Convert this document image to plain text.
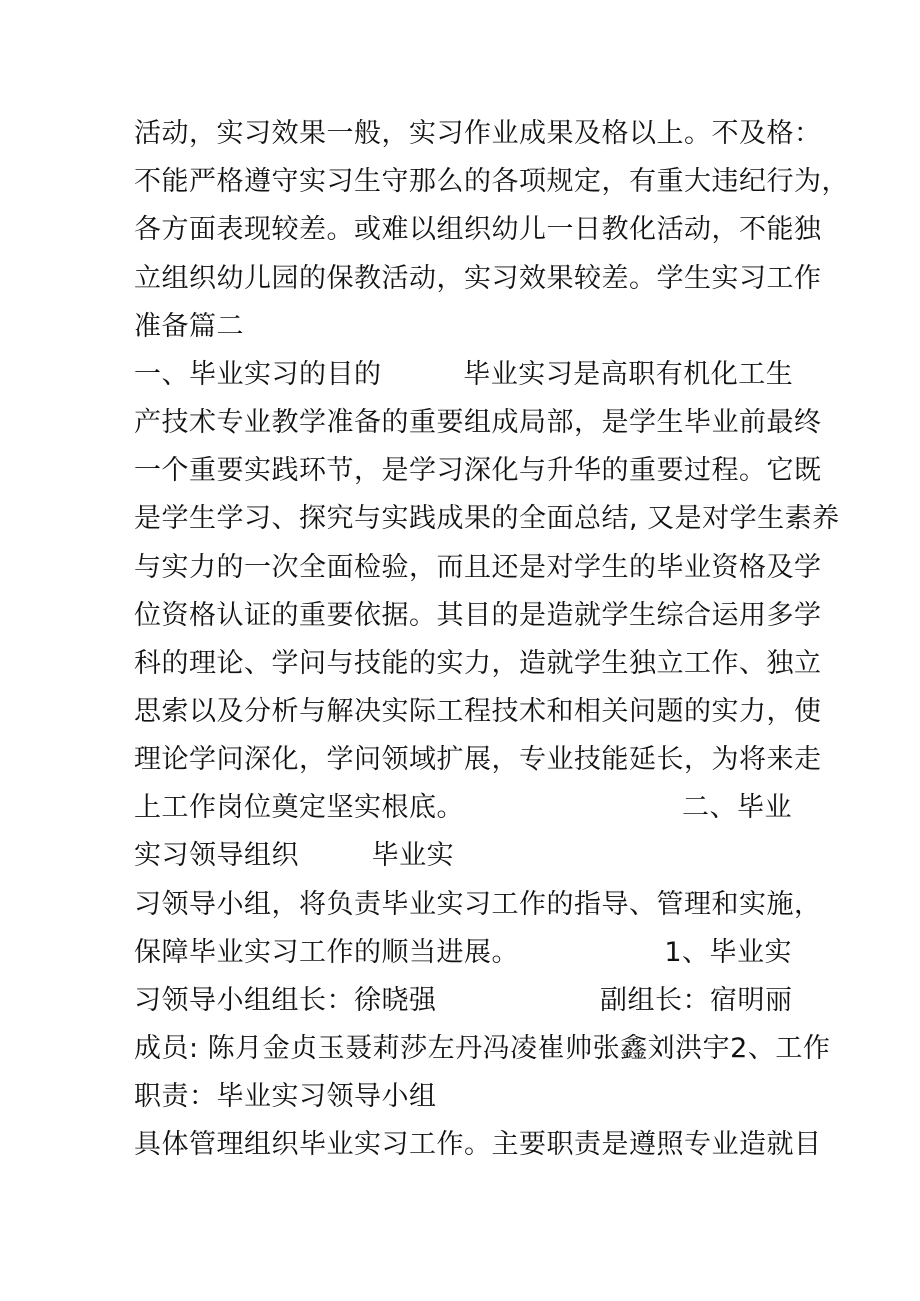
活动，实习效果一般，实习作业成果及格以上。不及格：
不能严格遵守实习生守那么的各项规定，有重大违纪行为，
各方面表现较差。或难以组织幼儿一日教化活动，不能独
立组织幼儿园的保教活动，实习效果较差。学生实习工作
准备篇二
一、毕业实习的目的         毕业实习是高职有机化工生
产技术专业教学准备的重要组成局部，是学生毕业前最终
一个重要实践环节，是学习深化与升华的重要过程。它既
是学生学习、探究与实践成果的全面总结, 又是对学生素养
与实力的一次全面检验，而且还是对学生的毕业资格及学
位资格认证的重要依据。其目的是造就学生综合运用多学
科的理论、学问与技能的实力，造就学生独立工作、独立
思索以及分析与解决实际工程技术和相关问题的实力，使
理论学问深化，学问领域扩展，专业技能延长，为将来走
上工作岗位奠定坚实根底。                        二、毕业
实习领导组织        毕业实
习领导小组，将负责毕业实习工作的指导、管理和实施，
保障毕业实习工作的顺当进展。                1、毕业实
习领导小组组长：徐晓强                  副组长：宿明丽
成员: 陈月金贞玉聂莉莎左丹冯凌崔帅张鑫刘洪宇2、工作
职责：毕业实习领导小组
具体管理组织毕业实习工作。主要职责是遵照专业造就目
